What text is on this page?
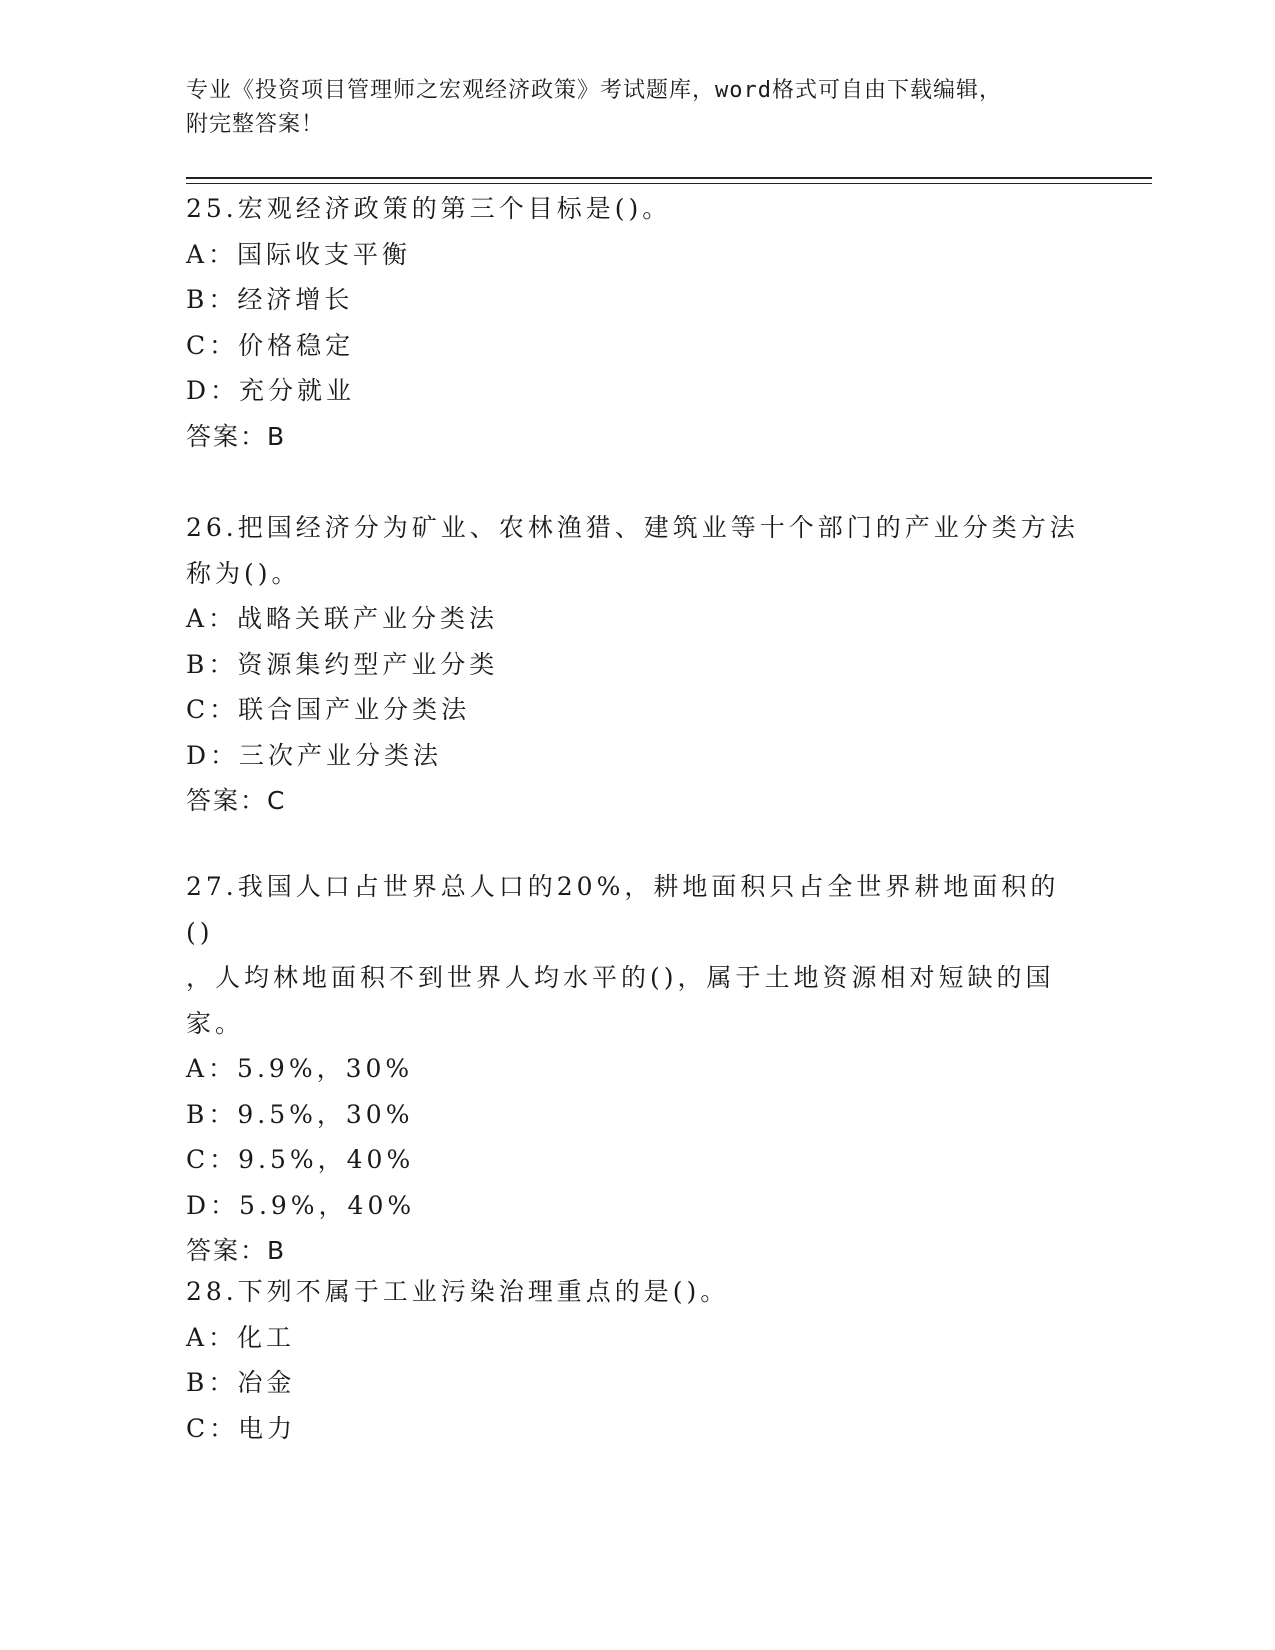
专业《投资项目管理师之宏观经济政策》考试题库，word格式可自由下载编辑，
附完整答案！
25.宏观经济政策的第三个目标是()。
A：国际收支平衡
B：经济增长
C：价格稳定
D：充分就业
答案：B
26.把国经济分为矿业、农林渔猎、建筑业等十个部门的产业分类方法
称为()。
A：战略关联产业分类法
B：资源集约型产业分类
C：联合国产业分类法
D：三次产业分类法
答案：C
27.我国人口占世界总人口的20%，耕地面积只占全世界耕地面积的()
，人均林地面积不到世界人均水平的()，属于土地资源相对短缺的国
家。
A：5.9%，30%
B：9.5%，30%
C：9.5%，40%
D：5.9%，40%
答案：B
28.下列不属于工业污染治理重点的是()。
A：化工
B：冶金
C：电力
